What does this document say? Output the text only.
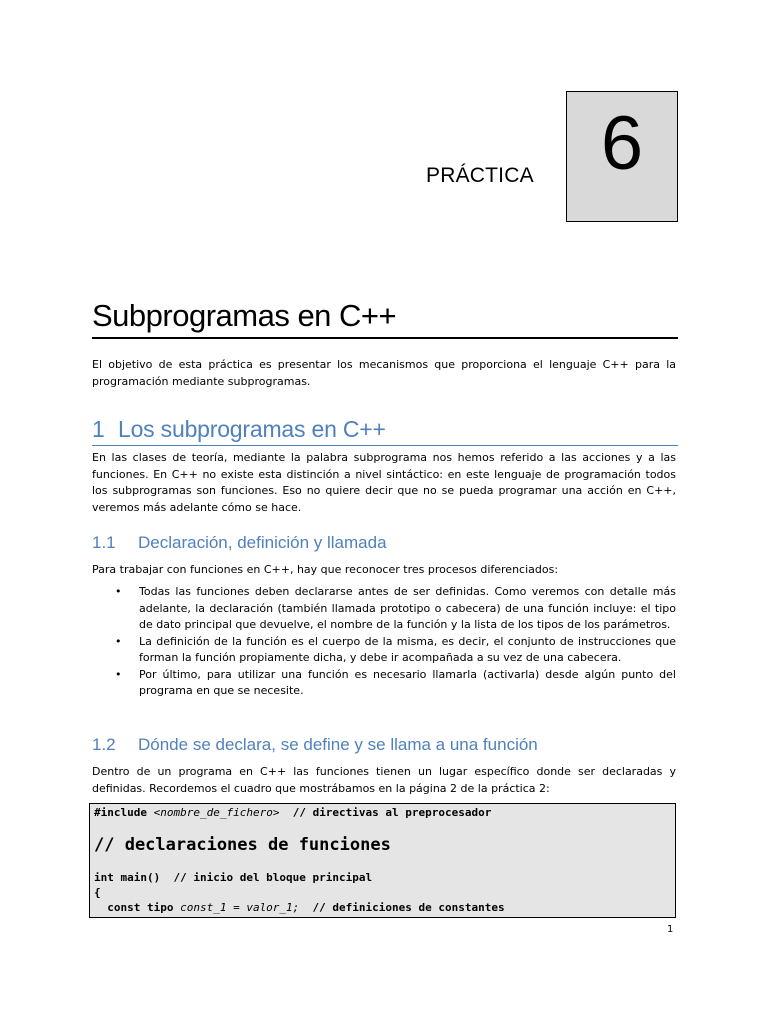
PRÁCTICA 6
Subprogramas en C++

El objetivo de esta práctica es presentar los mecanismos que proporciona el lenguaje C++ para la programación mediante subprogramas.

1 Los subprogramas en C++

En las clases de teoría, mediante la palabra subprograma nos hemos referido a las acciones y a las funciones. En C++ no existe esta distinción a nivel sintáctico: en este lenguaje de programación todos los subprogramas son funciones. Eso no quiere decir que no se pueda programar una acción en C++, veremos más adelante cómo se hace.

1.1 Declaración, definición y llamada

Para trabajar con funciones en C++, hay que reconocer tres procesos diferenciados:

• Todas las funciones deben declararse antes de ser definidas. Como veremos con detalle más adelante, la declaración (también llamada prototipo o cabecera) de una función incluye: el tipo de dato principal que devuelve, el nombre de la función y la lista de los tipos de los parámetros.
• La definición de la función es el cuerpo de la misma, es decir, el conjunto de instrucciones que forman la función propiamente dicha, y debe ir acompañada a su vez de una cabecera.
• Por último, para utilizar una función es necesario llamarla (activarla) desde algún punto del programa en que se necesite.
1.2 Dónde se declara, se define y se llama a una función

Dentro de un programa en C++ las funciones tienen un lugar específico donde ser declaradas y definidas. Recordemos el cuadro que mostrábamos en la página 2 de la práctica 2:

#include <nombre_de_fichero>  // directivas al preprocesador
// declaraciones de funciones
int main()  // inicio del bloque principal
{
const tipo const_1 = valor_1;  // definiciones de constantes
1
